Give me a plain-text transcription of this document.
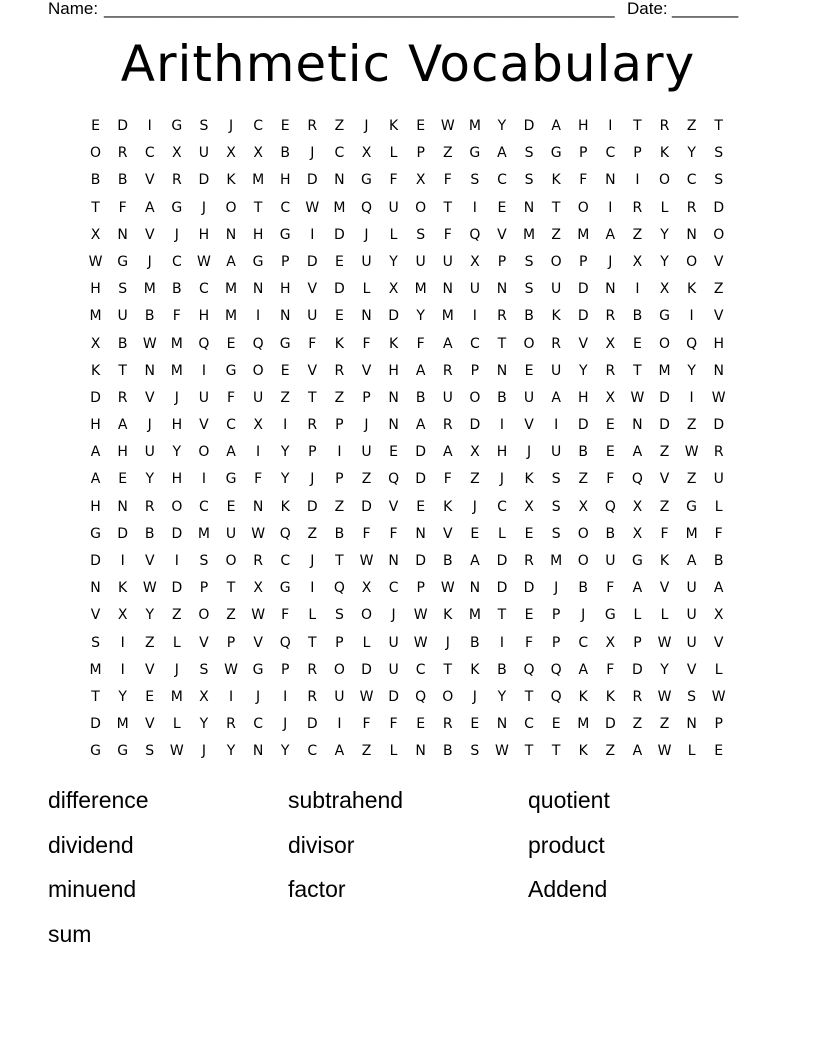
Name: ______________________________________________________ Date: _______
Arithmetic Vocabulary
E	D	I	G	S	J	C	E	R	Z	J	K	E	W	M	Y	D	A	H	I	T	R	Z	T
O	R	C	X	U	X	X	B	J	C	X	L	P	Z	G	A	S	G	P	C	P	K	Y	S
B	B	V	R	D	K	M	H	D	N	G	F	X	F	S	C	S	K	F	N	I	O	C	S
T	F	A	G	J	O	T	C	W	M	Q	U	O	T	I	E	N	T	O	I	R	L	R	D
X	N	V	J	H	N	H	G	I	D	J	L	S	F	Q	V	M	Z	M	A	Z	Y	N	O
W	G	J	C	W	A	G	P	D	E	U	Y	U	U	X	P	S	O	P	J	X	Y	O	V
H	S	M	B	C	M	N	H	V	D	L	X	M	N	U	N	S	U	D	N	I	X	K	Z
M	U	B	F	H	M	I	N	U	E	N	D	Y	M	I	R	B	K	D	R	B	G	I	V
X	B	W	M	Q	E	Q	G	F	K	F	K	F	A	C	T	O	R	V	X	E	O	Q	H
K	T	N	M	I	G	O	E	V	R	V	H	A	R	P	N	E	U	Y	R	T	M	Y	N
D	R	V	J	U	F	U	Z	T	Z	P	N	B	U	O	B	U	A	H	X	W	D	I	W
H	A	J	H	V	C	X	I	R	P	J	N	A	R	D	I	V	I	D	E	N	D	Z	D
A	H	U	Y	O	A	I	Y	P	I	U	E	D	A	X	H	J	U	B	E	A	Z	W	R
A	E	Y	H	I	G	F	Y	J	P	Z	Q	D	F	Z	J	K	S	Z	F	Q	V	Z	U
H	N	R	O	C	E	N	K	D	Z	D	V	E	K	J	C	X	S	X	Q	X	Z	G	L
G	D	B	D	M	U	W	Q	Z	B	F	F	N	V	E	L	E	S	O	B	X	F	M	F
D	I	V	I	S	O	R	C	J	T	W	N	D	B	A	D	R	M	O	U	G	K	A	B
N	K	W	D	P	T	X	G	I	Q	X	C	P	W	N	D	D	J	B	F	A	V	U	A
V	X	Y	Z	O	Z	W	F	L	S	O	J	W	K	M	T	E	P	J	G	L	L	U	X
S	I	Z	L	V	P	V	Q	T	P	L	U	W	J	B	I	F	P	C	X	P	W	U	V
M	I	V	J	S	W	G	P	R	O	D	U	C	T	K	B	Q	Q	A	F	D	Y	V	L
T	Y	E	M	X	I	J	I	R	U	W	D	Q	O	J	Y	T	Q	K	K	R	W	S	W
D	M	V	L	Y	R	C	J	D	I	F	F	E	R	E	N	C	E	M	D	Z	Z	N	P
G	G	S	W	J	Y	N	Y	C	A	Z	L	N	B	S	W	T	T	K	Z	A	W	L	E
difference	subtrahend	quotient
dividend	divisor	product
minuend	factor	Addend
sum
